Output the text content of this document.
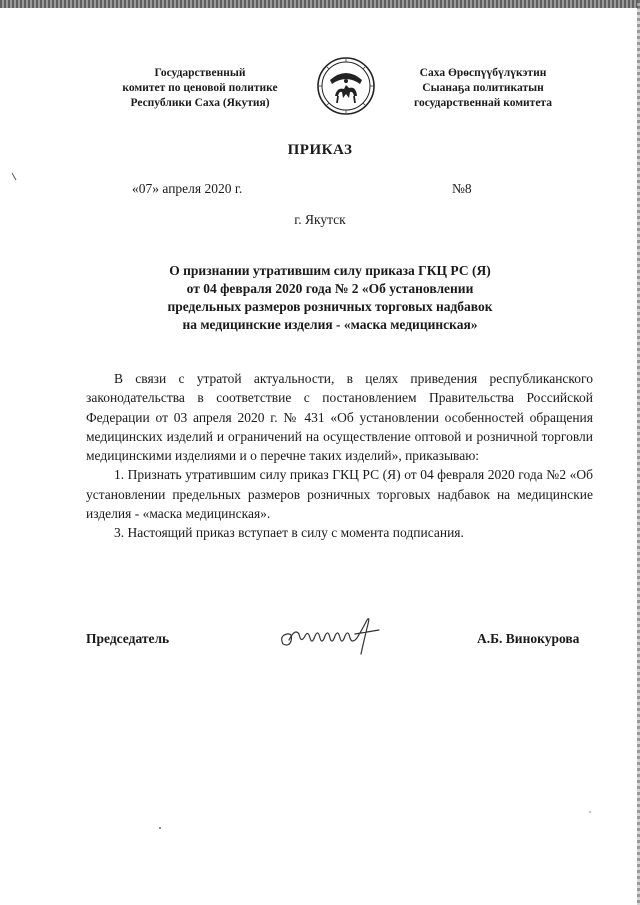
Государственный
комитет по ценовой политике
Республики Саха (Якутия)
Саха Өрөспүүбүлүкэтин
Сыанаҕа политикатын
государственнай комитета
ПРИКАЗ
«07» апреля 2020 г.	№8
г. Якутск
О признании утратившим силу приказа ГКЦ РС (Я)
от 04 февраля 2020 года № 2 «Об установлении
предельных размеров розничных торговых надбавок
на медицинские изделия - «маска медицинская»

В связи с утратой актуальности, в целях приведения республиканского законодательства в соответствие с постановлением Правительства Российской Федерации от 03 апреля 2020 г. № 431 «Об установлении особенностей обращения медицинских изделий и ограничений на осуществление оптовой и розничной торговли медицинскими изделиями и о перечне таких изделий», приказываю:

1. Признать утратившим силу приказ ГКЦ РС (Я) от 04 февраля 2020 года №2 «Об установлении предельных размеров розничных торговых надбавок на медицинские изделия - «маска медицинская».

3. Настоящий приказ вступает в силу с момента подписания.

Председатель	А.Б. Винокурова
